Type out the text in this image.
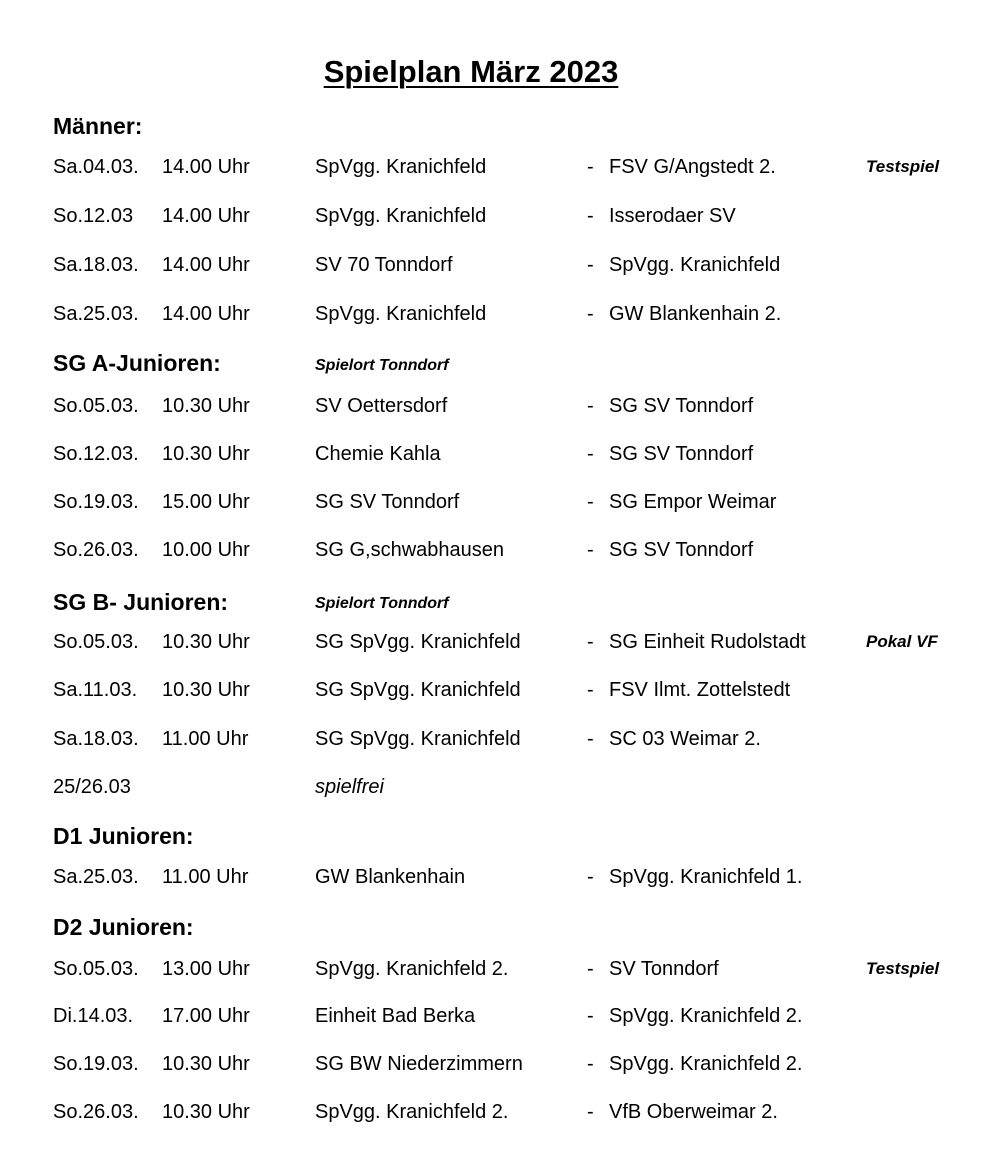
Spielplan März 2023
Männer:
Sa.04.03. 14.00 Uhr	SpVgg. Kranichfeld	- FSV G/Angstedt 2.	Testspiel
So.12.03 14.00 Uhr	SpVgg. Kranichfeld	- Isserodaer SV
Sa.18.03. 14.00 Uhr	SV 70 Tonndorf	- SpVgg. Kranichfeld
Sa.25.03. 14.00 Uhr	SpVgg. Kranichfeld	- GW Blankenhain 2.
SG A-Junioren:	Spielort Tonndorf
So.05.03. 10.30 Uhr	SV Oettersdorf	- SG SV Tonndorf
So.12.03. 10.30 Uhr	Chemie Kahla	- SG SV Tonndorf
So.19.03. 15.00 Uhr	SG SV Tonndorf	- SG Empor Weimar
So.26.03. 10.00 Uhr	SG G,schwabhausen	- SG SV Tonndorf
SG B- Junioren:	Spielort Tonndorf
So.05.03. 10.30 Uhr	SG SpVgg. Kranichfeld	- SG Einheit Rudolstadt	Pokal VF
Sa.11.03. 10.30 Uhr	SG SpVgg. Kranichfeld	- FSV Ilmt. Zottelstedt
Sa.18.03. 11.00 Uhr	SG SpVgg. Kranichfeld	- SC 03 Weimar 2.
25/26.03	spielfrei
D1 Junioren:
Sa.25.03. 11.00 Uhr	GW Blankenhain	- SpVgg. Kranichfeld 1.
D2 Junioren:
So.05.03. 13.00 Uhr	SpVgg. Kranichfeld 2.	- SV Tonndorf	Testspiel
Di.14.03. 17.00 Uhr	Einheit Bad Berka	- SpVgg. Kranichfeld 2.
So.19.03. 10.30 Uhr	SG BW Niederzimmern	- SpVgg. Kranichfeld 2.
So.26.03. 10.30 Uhr	SpVgg. Kranichfeld 2.	- VfB Oberweimar 2.
